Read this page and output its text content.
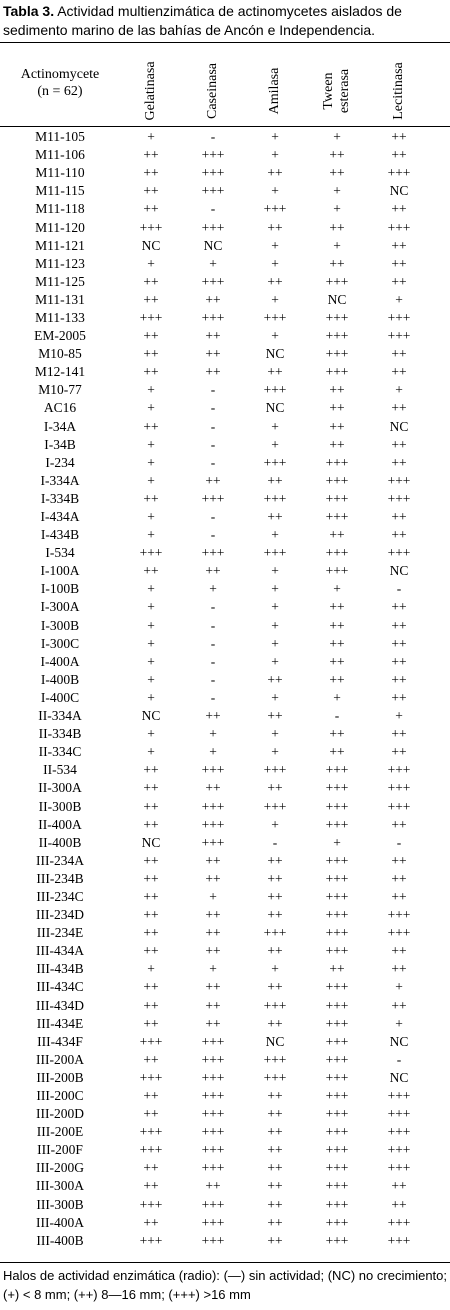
Tabla 3. Actividad multienzimática de actinomycetes aislados de sedimento marino de las bahías de Ancón e Independencia.
Actinomycete
(n = 62)	Gelatinasa	Caseinasa	Amilasa	Tween esterasa	Lecitinasa
M11-105	+	-	+	+	++
M11-106	++	+++	+	++	++
M11-110	++	+++	++	++	+++
M11-115	++	+++	+	+	NC
M11-118	++	-	+++	+	++
M11-120	+++	+++	++	++	+++
M11-121	NC	NC	+	+	++
M11-123	+	+	+	++	++
M11-125	++	+++	++	+++	++
M11-131	++	++	+	NC	+
M11-133	+++	+++	+++	+++	+++
EM-2005	++	++	+	+++	+++
M10-85	++	++	NC	+++	++
M12-141	++	++	++	+++	++
M10-77	+	-	+++	++	+
AC16	+	-	NC	++	++
I-34A	++	-	+	++	NC
I-34B	+	-	+	++	++
I-234	+	-	+++	+++	++
I-334A	+	++	++	+++	+++
I-334B	++	+++	+++	+++	+++
I-434A	+	-	++	+++	++
I-434B	+	-	+	++	++
I-534	+++	+++	+++	+++	+++
I-100A	++	++	+	+++	NC
I-100B	+	+	+	+	-
I-300A	+	-	+	++	++
I-300B	+	-	+	++	++
I-300C	+	-	+	++	++
I-400A	+	-	+	++	++
I-400B	+	-	++	++	++
I-400C	+	-	+	+	++
II-334A	NC	++	++	-	+
II-334B	+	+	+	++	++
II-334C	+	+	+	++	++
II-534	++	+++	+++	+++	+++
II-300A	++	++	++	+++	+++
II-300B	++	+++	+++	+++	+++
II-400A	++	+++	+	+++	++
II-400B	NC	+++	-	+	-
III-234A	++	++	++	+++	++
III-234B	++	++	++	+++	++
III-234C	++	+	++	+++	++
III-234D	++	++	++	+++	+++
III-234E	++	++	+++	+++	+++
III-434A	++	++	++	+++	++
III-434B	+	+	+	++	++
III-434C	++	++	++	+++	+
III-434D	++	++	+++	+++	++
III-434E	++	++	++	+++	+
III-434F	+++	+++	NC	+++	NC
III-200A	++	+++	+++	+++	-
III-200B	+++	+++	+++	+++	NC
III-200C	++	+++	++	+++	+++
III-200D	++	+++	++	+++	+++
III-200E	+++	+++	++	+++	+++
III-200F	+++	+++	++	+++	+++
III-200G	++	+++	++	+++	+++
III-300A	++	++	++	+++	++
III-300B	+++	+++	++	+++	++
III-400A	++	+++	++	+++	+++
III-400B	+++	+++	++	+++	+++
Halos de actividad enzimática (radio): (—) sin actividad; (NC) no crecimiento; (+) < 8 mm; (++) 8—16 mm; (+++) >16 mm
